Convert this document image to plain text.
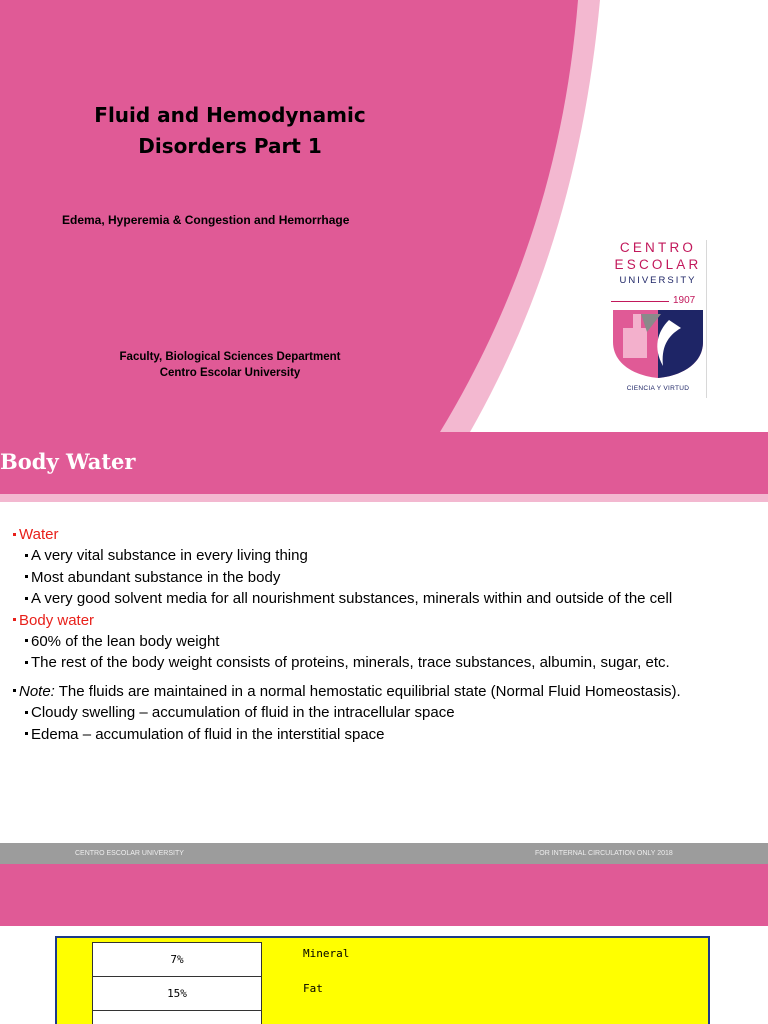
Fluid and Hemodynamic
Disorders Part 1
Edema, Hyperemia & Congestion and Hemorrhage
Faculty, Biological Sciences Department
Centro Escolar University
CENTRO
ESCOLAR
UNIVERSITY
1907
CIENCIA Y VIRTUD
Body Water
Water
A very vital substance in every living thing
Most abundant substance in the body
A very good solvent media for all nourishment substances, minerals within and outside of the cell
Body water
60% of the lean body weight
The rest of the body weight consists of proteins, minerals, trace substances, albumin, sugar, etc.
Note: The fluids are maintained in a normal hemostatic equilibrial state (Normal Fluid Homeostasis).
Cloudy swelling – accumulation of fluid in the intracellular space
Edema – accumulation of fluid in the interstitial space
CENTRO ESCOLAR UNIVERSITY	FOR INTERNAL CIRCULATION ONLY 2018
7%
15%

Mineral
Fat
